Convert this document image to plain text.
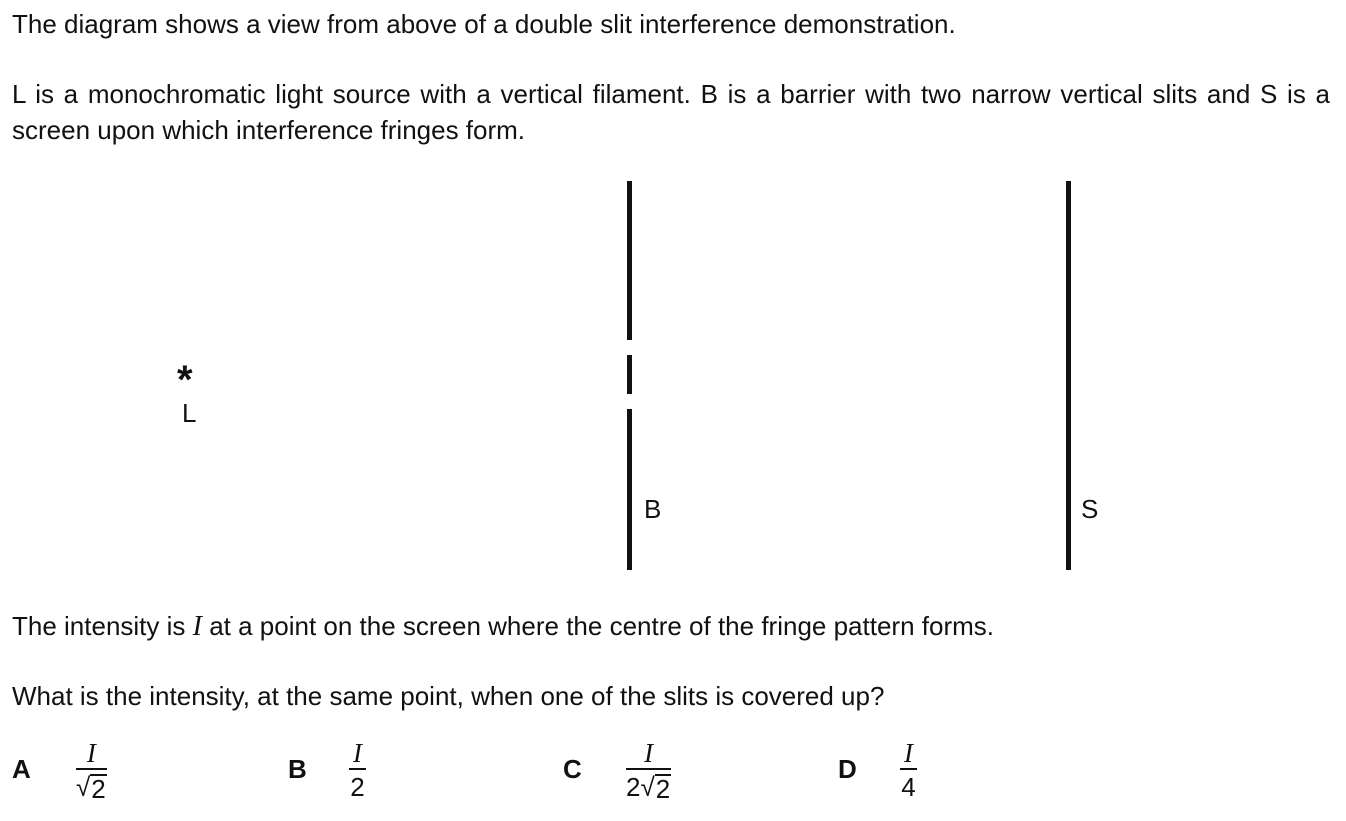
The diagram shows a view from above of a double slit interference demonstration.
L is a monochromatic light source with a vertical filament. B is a barrier with two narrow vertical slits and S is a screen upon which interference fringes form.
*
L
B	S
The intensity is I at a point on the screen where the centre of the fringe pattern forms.
What is the intensity, at the same point, when one of the slits is covered up?
A
I
√ 2
B
I
2
C
I
2 √ 2
D
I
4
